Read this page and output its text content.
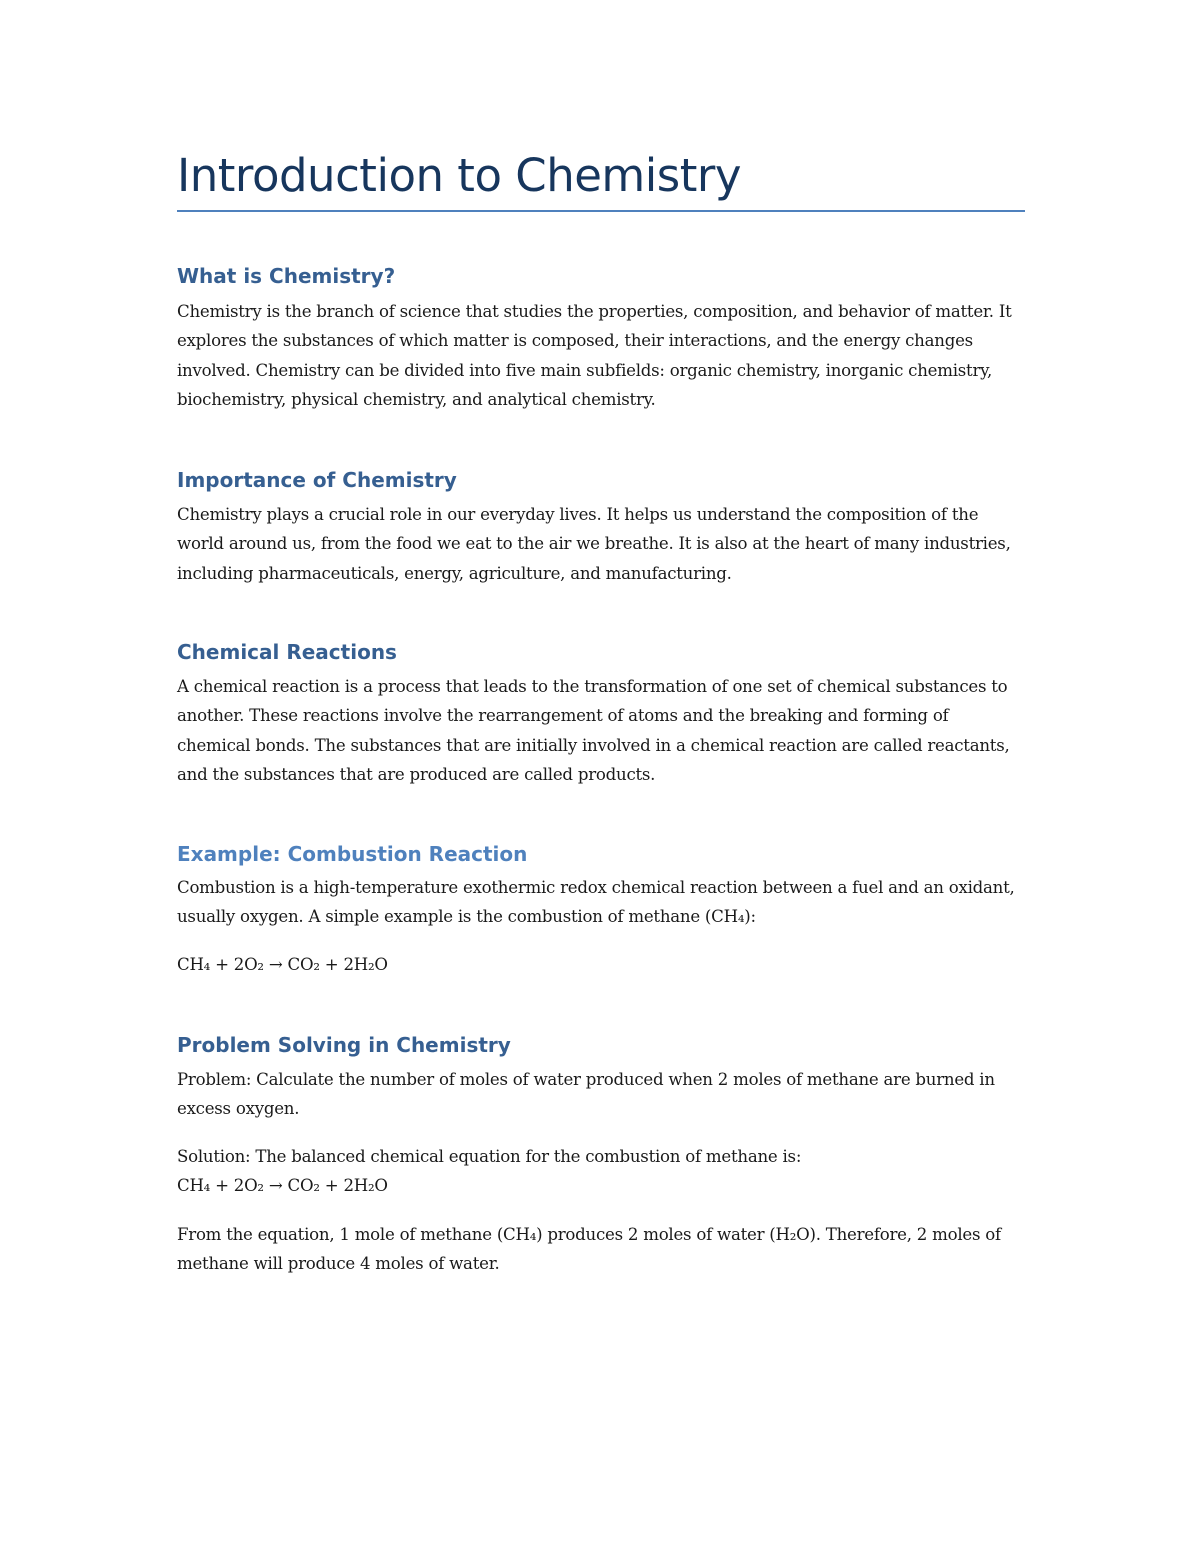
Introduction to Chemistry
What is Chemistry?

Chemistry is the branch of science that studies the properties, composition, and behavior of matter. It explores the substances of which matter is composed, their interactions, and the energy changes involved. Chemistry can be divided into five main subfields: organic chemistry, inorganic chemistry, biochemistry, physical chemistry, and analytical chemistry.

Importance of Chemistry

Chemistry plays a crucial role in our everyday lives. It helps us understand the composition of the world around us, from the food we eat to the air we breathe. It is also at the heart of many industries, including pharmaceuticals, energy, agriculture, and manufacturing.

Chemical Reactions

A chemical reaction is a process that leads to the transformation of one set of chemical substances to another. These reactions involve the rearrangement of atoms and the breaking and forming of chemical bonds. The substances that are initially involved in a chemical reaction are called reactants, and the substances that are produced are called products.

Example: Combustion Reaction

Combustion is a high-temperature exothermic redox chemical reaction between a fuel and an oxidant, usually oxygen. A simple example is the combustion of methane (CH₄):

CH₄ + 2O₂ → CO₂ + 2H₂O

Problem Solving in Chemistry

Problem: Calculate the number of moles of water produced when 2 moles of methane are burned in excess oxygen.

Solution: The balanced chemical equation for the combustion of methane is:
CH₄ + 2O₂ → CO₂ + 2H₂O

From the equation, 1 mole of methane (CH₄) produces 2 moles of water (H₂O). Therefore, 2 moles of methane will produce 4 moles of water.
